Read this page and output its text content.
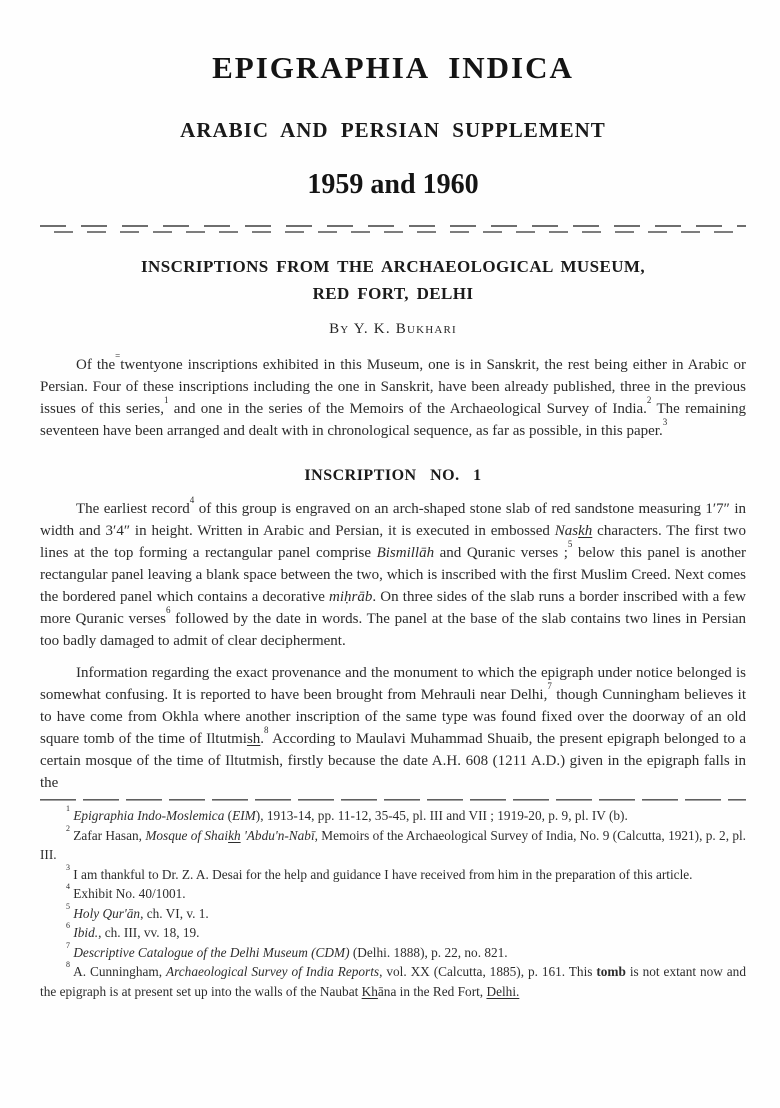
EPIGRAPHIA INDICA
ARABIC AND PERSIAN SUPPLEMENT
1959 and 1960
INSCRIPTIONS FROM THE ARCHAEOLOGICAL MUSEUM,
RED FORT, DELHI

By Y. K. Bukhari

Of the=twentyone inscriptions exhibited in this Museum, one is in Sanskrit, the rest being either in Arabic or Persian. Four of these inscriptions including the one in Sanskrit, have been already published, three in the previous issues of this series,$^1$ and one in the series of the Memoirs of the Archaeological Survey of India.$^2$ The remaining seventeen have been arranged and dealt with in chronological sequence, as far as possible, in this paper.$^3$

INSCRIPTION NO. 1

The earliest record$^4$ of this group is engraved on an arch-shaped stone slab of red sandstone measuring 1′7″ in width and 3′4″ in height. Written in Arabic and Persian, it is executed in embossed Naskh characters. The first two lines at the top forming a rectangular panel comprise Bismillāh and Quranic verses ;$^5$ below this panel is another rectangular panel leaving a blank space between the two, which is inscribed with the first Muslim Creed. Next comes the bordered panel which contains a decorative miḥrāb. On three sides of the slab runs a border inscribed with a few more Quranic verses$^6$ followed by the date in words. The panel at the base of the slab contains two lines in Persian too badly damaged to admit of clear decipherment.

Information regarding the exact provenance and the monument to which the epigraph under notice belonged is somewhat confusing. It is reported to have been brought from Mehrauli near Delhi,$^7$ though Cunningham believes it to have come from Okhla where another inscription of the same type was found fixed over the doorway of an old square tomb of the time of Iltutmish.$^8$ According to Maulavi Muhammad Shuaib, the present epigraph belonged to a certain mosque of the time of Iltutmish, firstly because the date A.H. 608 (1211 A.D.) given in the epigraph falls in the

$^1$ Epigraphia Indo-Moslemica (EIM), 1913-14, pp. 11-12, 35-45, pl. III and VII ; 1919-20, p. 9, pl. IV (b).

$^2$ Zafar Hasan, Mosque of Shaikh 'Abdu'n-Nabī, Memoirs of the Archaeological Survey of India, No. 9 (Calcutta, 1921), p. 2, pl. III.

$^3$ I am thankful to Dr. Z. A. Desai for the help and guidance I have received from him in the preparation of this article.

$^4$ Exhibit No. 40/1001.

$^5$ Holy Qur'ān, ch. VI, v. 1.

$^6$ Ibid., ch. III, vv. 18, 19.

$^7$ Descriptive Catalogue of the Delhi Museum (CDM) (Delhi. 1888), p. 22, no. 821.

$^8$ A. Cunningham, Archaeological Survey of India Reports, vol. XX (Calcutta, 1885), p. 161. This tomb is not extant now and the epigraph is at present set up into the walls of the Naubat Khāna in the Red Fort, Delhi.
